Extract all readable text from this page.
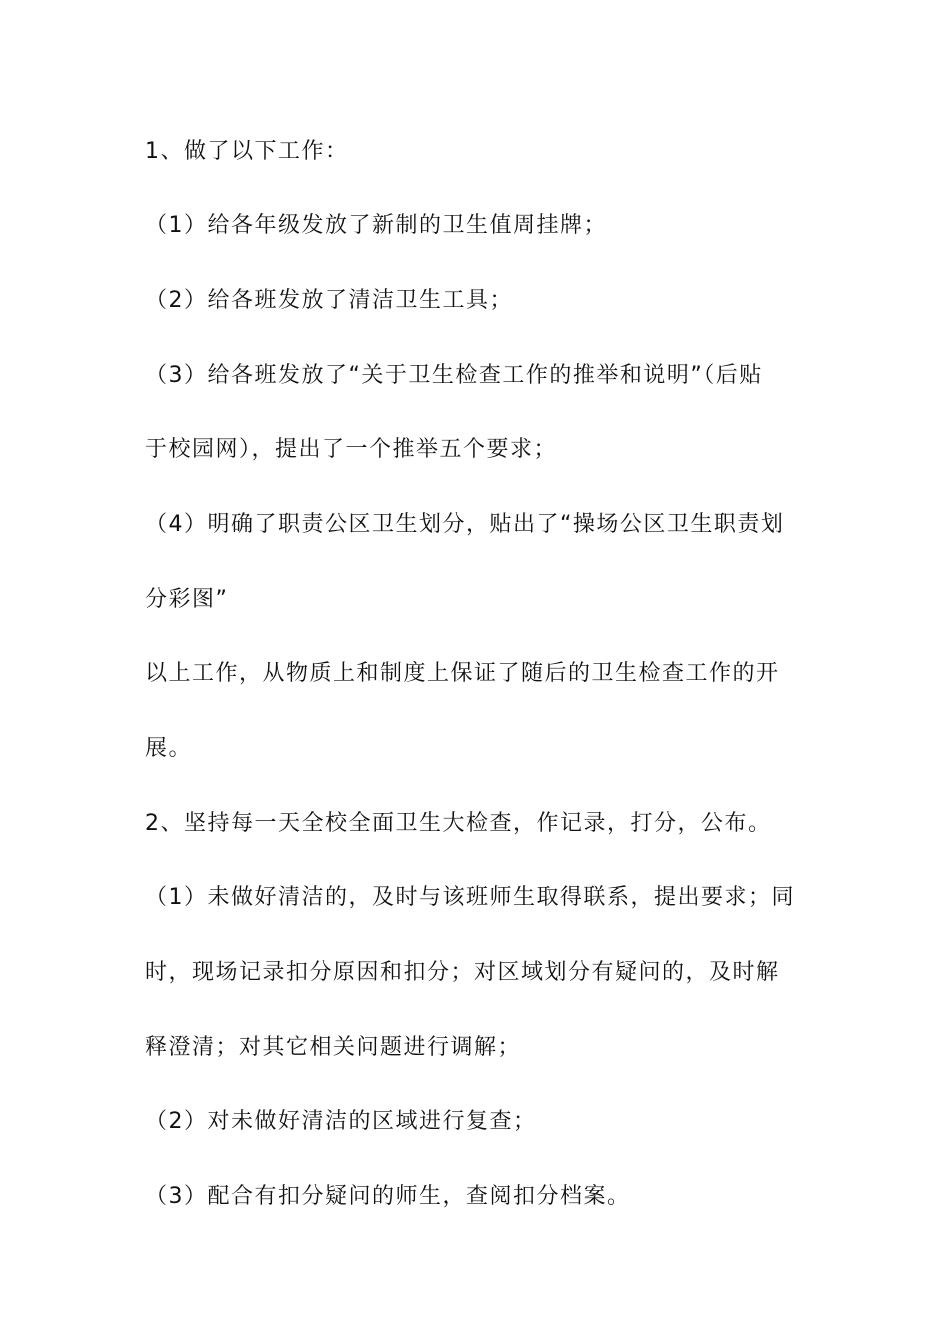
1、做了以下工作：
（1）给各年级发放了新制的卫生值周挂牌；
（2）给各班发放了清洁卫生工具；
（3）给各班发放了“关于卫生检查工作的推举和说明”（后贴
于校园网），提出了一个推举五个要求；
（4）明确了职责公区卫生划分，贴出了“操场公区卫生职责划
分彩图”
以上工作，从物质上和制度上保证了随后的卫生检查工作的开
展。
2、坚持每一天全校全面卫生大检查，作记录，打分，公布。
（1）未做好清洁的，及时与该班师生取得联系，提出要求；同
时，现场记录扣分原因和扣分；对区域划分有疑问的，及时解
释澄清；对其它相关问题进行调解；
（2）对未做好清洁的区域进行复查；
（3）配合有扣分疑问的师生，查阅扣分档案。
